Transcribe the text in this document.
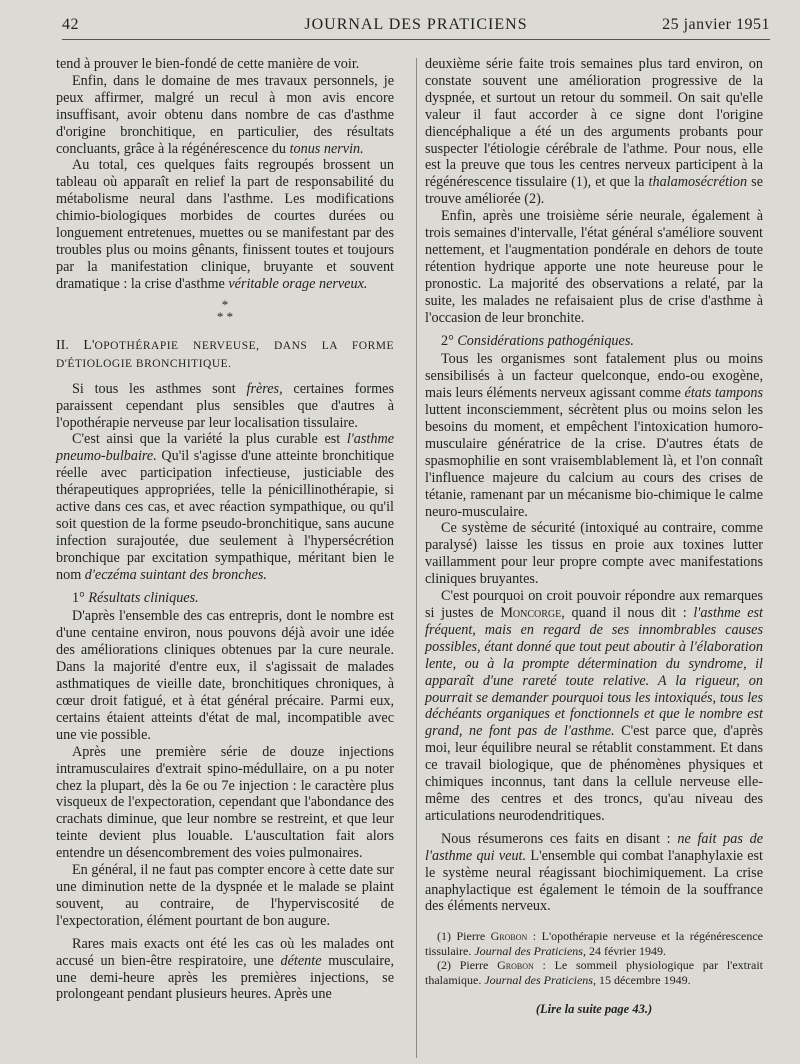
42	JOURNAL DES PRATICIENS	25 janvier 1951

tend à prouver le bien-fondé de cette manière de voir.

Enfin, dans le domaine de mes travaux personnels, je peux affirmer, malgré un recul à mon avis encore insuffisant, avoir obtenu dans nombre de cas d'asthme d'origine bronchitique, en particulier, des résultats concluants, grâce à la régénérescence du tonus nervin.

Au total, ces quelques faits regroupés brossent un tableau où apparaît en relief la part de responsabilité du métabolisme neural dans l'asthme. Les modifications chimio-biologiques morbides de courtes durées ou longuement entretenues, muettes ou se manifestant par des troubles plus ou moins gênants, finissent toutes et toujours par la manifestation clinique, bruyante et souvent dramatique : la crise d'asthme véritable orage nerveux.

*
* *

II. L'OPOTHÉRAPIE NERVEUSE, DANS LA FORME D'ÉTIOLOGIE BRONCHITIQUE.

Si tous les asthmes sont frères, certaines formes paraissent cependant plus sensibles que d'autres à l'opothérapie nerveuse par leur localisation tissulaire.

C'est ainsi que la variété la plus curable est l'asthme pneumo-bulbaire. Qu'il s'agisse d'une atteinte bronchitique réelle avec participation infectieuse, justiciable des thérapeutiques appropriées, telle la pénicillinothérapie, si active dans ces cas, et avec réaction sympathique, ou qu'il soit question de la forme pseudo-bronchitique, sans aucune infection surajoutée, due seulement à l'hypersécrétion bronchique par excitation sympathique, méritant bien le nom d'eczéma suintant des bronches.

1° Résultats cliniques.

D'après l'ensemble des cas entrepris, dont le nombre est d'une centaine environ, nous pouvons déjà avoir une idée des améliorations cliniques obtenues par la cure neurale. Dans la majorité d'entre eux, il s'agissait de malades asthmatiques de vieille date, bronchitiques chroniques, à cœur droit fatigué, et à état général précaire. Parmi eux, certains étaient atteints d'état de mal, incompatible avec une vie possible.

Après une première série de douze injections intramusculaires d'extrait spino-médullaire, on a pu noter chez la plupart, dès la 6e ou 7e injection : le caractère plus visqueux de l'expectoration, cependant que l'abondance des crachats diminue, que leur nombre se restreint, et que leur teinte devient plus louable. L'auscultation fait alors entendre un désencombrement des voies pulmonaires.

En général, il ne faut pas compter encore à cette date sur une diminution nette de la dyspnée et le malade se plaint souvent, au contraire, de l'hyperviscosité de l'expectoration, élément pourtant de bon augure.

Rares mais exacts ont été les cas où les malades ont accusé un bien-être respiratoire, une détente musculaire, une demi-heure après les premières injections, se prolongeant pendant plusieurs heures. Après une

deuxième série faite trois semaines plus tard environ, on constate souvent une amélioration progressive de la dyspnée, et surtout un retour du sommeil. On sait qu'elle valeur il faut accorder à ce signe dont l'origine diencéphalique a été un des arguments probants pour suspecter l'étiologie cérébrale de l'athme. Pour nous, elle est la preuve que tous les centres nerveux participent à la régénérescence tissulaire (1), et que la thalamosécrétion se trouve améliorée (2).

Enfin, après une troisième série neurale, également à trois semaines d'intervalle, l'état général s'améliore souvent nettement, et l'augmentation pondérale en dehors de toute rétention hydrique apporte une note heureuse pour le pronostic. La majorité des observations a relaté, par la suite, les malades ne refaisaient plus de crise d'asthme à l'occasion de leur bronchite.

2° Considérations pathogéniques.

Tous les organismes sont fatalement plus ou moins sensibilisés à un facteur quelconque, endo-ou exogène, mais leurs éléments nerveux agissant comme états tampons luttent inconsciemment, sécrètent plus ou moins selon les besoins du moment, et empêchent l'intoxication humoro-musculaire génératrice de la crise. D'autres états de spasmophilie en sont vraisemblablement là, et l'on connaît l'influence majeure du calcium au cours des crises de tétanie, ramenant par un mécanisme bio-chimique le calme neuro-musculaire.

Ce système de sécurité (intoxiqué au contraire, comme paralysé) laisse les tissus en proie aux toxines lutter vaillamment pour leur propre compte avec manifestations cliniques bruyantes.

C'est pourquoi on croit pouvoir répondre aux remarques si justes de Moncorge, quand il nous dit : l'asthme est fréquent, mais en regard de ses innombrables causes possibles, étant donné que tout peut aboutir à l'élaboration lente, ou à la prompte détermination du syndrome, il apparaît d'une rareté toute relative. A la rigueur, on pourrait se demander pourquoi tous les intoxiqués, tous les déchéants organiques et fonctionnels et que le nombre est grand, ne font pas de l'asthme. C'est parce que, d'après moi, leur équilibre neural se rétablit constamment. Et dans ce travail biologique, que de phénomènes physiques et chimiques inconnus, tant dans la cellule nerveuse elle-même des centres et des troncs, qu'au niveau des articulations neurodendritiques.

Nous résumerons ces faits en disant : ne fait pas de l'asthme qui veut. L'ensemble qui combat l'anaphylaxie est le système neural réagissant biochimiquement. La crise anaphylactique est également le témoin de la souffrance des éléments nerveux.

(1) Pierre Grobon : L'opothérapie nerveuse et la régénérescence tissulaire. Journal des Praticiens, 24 février 1949.

(2) Pierre Grobon : Le sommeil physiologique par l'extrait thalamique. Journal des Praticiens, 15 décembre 1949.

(Lire la suite page 43.)
